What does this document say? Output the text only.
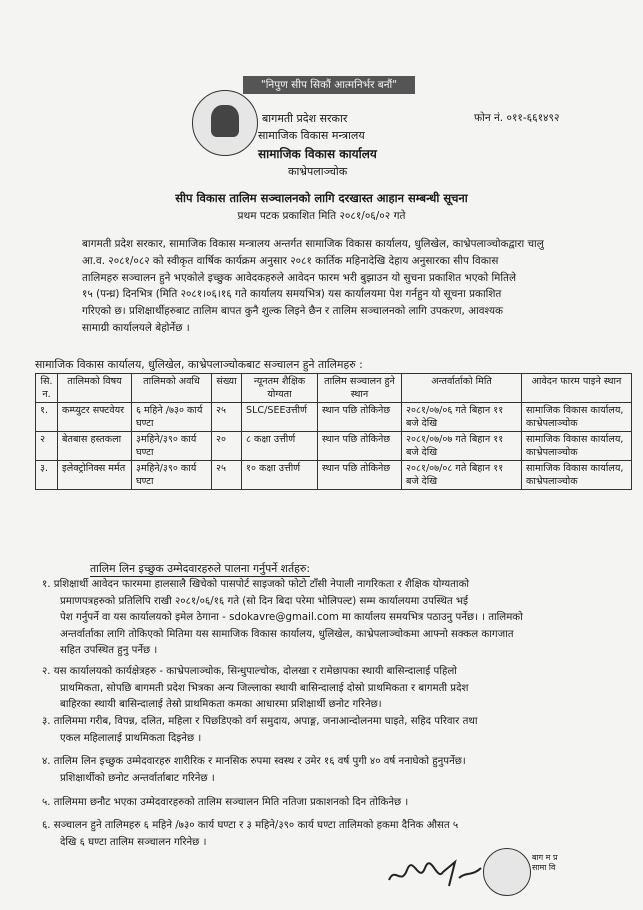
"निपुण सीप सिकौं आत्मनिर्भर बनौं"
बागमती प्रदेश सरकार
सामाजिक विकास मन्त्रालय
सामाजिक विकास कार्यालय
काभ्रेपलाञ्चोक
फोन नं. ०११-६६१४९२
सीप विकास तालिम सञ्चालनको लागि दरखास्त आहान सम्बन्धी सूचना
प्रथम पटक प्रकाशित मिति २०८१/०६/०२ गते
बागमती प्रदेश सरकार, सामाजिक विकास मन्त्रालय अन्तर्गत सामाजिक विकास कार्यालय, धुलिखेल, काभ्रेपलाञ्चोकद्वारा चालु
आ.व. २०८१/०८२ को स्वीकृत वार्षिक कार्यक्रम अनुसार २०८१ कार्तिक महिनादेखि देहाय अनुसारका सीप विकास
तालिमहरु सञ्चालन हुने भएकोले इच्छुक आवेदकहरुले आवेदन फारम भरी बुझाउन यो सुचना प्रकाशित भएको मितिले
१५ (पन्ध्र) दिनभित्र (मिति २०८१।०६।१६ गते कार्यालय समयभित्र) यस कार्यालयमा पेश गर्नहुन यो सूचना प्रकाशित
गरिएको छ। प्रशिक्षार्थीहरुबाट तालिम बापत कुनै शुल्क लिइने छैन र तालिम सञ्चालनको लागि उपकरण, आवश्यक
सामाग्री कार्यालयले बेहोर्नेछ ।
सामाजिक विकास कार्यालय, धुलिखेल, काभ्रेपलाञ्चोकबाट सञ्चालन हुने तालिमहरु :
सि. न.	तालिमको विषय	तालिमको अवधि	संख्या	न्यूनतम शैक्षिक योग्यता	तालिम सञ्चालन हुने स्थान	अन्तर्वार्ताको मिति	आवेदन फारम पाइने स्थान
१.	कम्प्युटर सफ्टवेयर	६ महिने /७३० कार्य घण्टा	२५	SLC/SEEउत्तीर्ण	स्थान पछि तोकिनेछ	२०८१/०७/०६ गते बिहान ११ बजे देखि	सामाजिक विकास कार्यालय, काभ्रेपलाञ्चोक
२	बेतबास हस्तकला	३महिने/३९० कार्य घण्टा	२०	८ कक्षा उत्तीर्ण	स्थान पछि तोकिनेछ	२०८१/०७/०७ गते बिहान ११ बजे देखि	सामाजिक विकास कार्यालय, काभ्रेपलाञ्चोक
३.	इलेक्ट्रोनिक्स मर्मत	३महिने/३९० कार्य घण्टा	२५	१० कक्षा उत्तीर्ण	स्थान पछि तोकिनेछ	२०८१/०७/०८ गते बिहान ११ बजे देखि	सामाजिक विकास कार्यालय, काभ्रेपलाञ्चोक
तालिम लिन इच्छुक उम्मेदवारहरुले पालना गर्नुपर्ने शर्तहरु:
१. प्रशिक्षार्थी आवेदन फारममा हालसालै खिचेको पासपोर्ट साइजको फोटो टाँसी नेपाली नागरिकता र शैक्षिक योग्यताको
प्रमाणपत्रहरुको प्रतिलिपि राखी २०८१/०६/१६ गते (सो दिन बिदा परेमा भोलिपल्ट) सम्म कार्यालयमा उपस्थित भई
पेश गर्नुपर्ने वा यस कार्यालयको इमेल ठेगाना - sdokavre@gmail.com मा कार्यालय समयभित्र पठाउनु पर्नेछ। । तालिमको
अन्तर्वार्ताका लागि तोकिएको मितिमा यस सामाजिक विकास कार्यालय, धुलिखेल, काभ्रेपलाञ्चोकमा आफ्नो सक्कल कागजात
सहित उपस्थित हुनु पर्नेछ ।
२. यस कार्यालयको कार्यक्षेत्रहरु - काभ्रेपलाञ्चोक, सिन्धुपाल्चोक, दोलखा र रामेछापका स्थायी बासिन्दालाई पहिलो
प्राथमिकता, सोपछि बागमती प्रदेश भित्रका अन्य जिल्लाका स्थायी बासिन्दालाई दोस्रो प्राथमिकता र बागमती प्रदेश
बाहिरका स्थायी बासिन्दालाई तेस्रो प्राथमिकता कमका आधारमा प्रशिक्षार्थी छनोट गरिनेछ।
३. तालिममा गरीब, विपन्न, दलित, महिला र पिछडिएको वर्ग समुदाय, अपाङ्ग, जनाआन्दोलनमा घाइते, सहिद परिवार तथा
एकल महिलालाई प्राथमिकता दिइनेछ ।
४. तालिम लिन इच्छुक उम्मेदवारहरु शारीरिक र मानसिक रुपमा स्वस्थ र उमेर १६ वर्ष पुगी ४० वर्ष ननाघेको हुनुपर्नेछ।
प्रशिक्षार्थीको छनोट अन्तर्वार्ताबाट गरिनेछ ।
५. तालिममा छनौट भएका उम्मेदवारहरुको तालिम सञ्चालन मिति नतिजा प्रकाशनको दिन तोकिनेछ ।
६. सञ्चालन हुने तालिमहरु ६ महिने /७३० कार्य घण्टा र ३ महिने/३९० कार्य घण्टा तालिमको हकमा दैनिक औसत ५
देखि ६ घण्टा तालिम सञ्चालन गरिनेछ ।
बाग म प्र सामा वि
